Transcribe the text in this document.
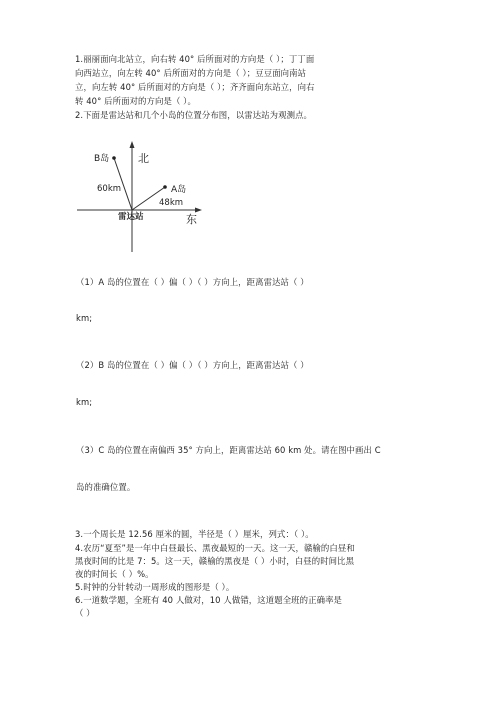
1.丽丽面向北站立，向右转 40° 后所面对的方向是（ ）；丁丁面
向西站立，向左转 40° 后所面对的方向是（ ）；豆豆面向南站
立，向左转 40° 后所面对的方向是（ ）；齐齐面向东站立，向右
转 40° 后所面对的方向是（ ）。
2.下面是雷达站和几个小岛的位置分布图，以雷达站为观测点。
北
东
雷达站
B岛
A岛
60km
48km
（1）A 岛的位置在（ ）偏（ ）（ ）方向上，距离雷达站（ ）
km;
（2）B 岛的位置在（ ）偏（ ）（ ）方向上，距离雷达站（ ）
km;
（3）C 岛的位置在南偏西 35° 方向上，距离雷达站 60 km 处。请在图中画出 C
岛的准确位置。
3.一个周长是 12.56 厘米的圆，半径是（ ）厘米，列式：（ ）。
4.农历“夏至”是一年中白昼最长、黑夜最短的一天。这一天，赣榆的白昼和
黑夜时间的比是 7：5。这一天，赣榆的黑夜是（ ）小时，白昼的时间比黑
夜的时间长（ ）%。
5.时钟的分针转动一周形成的图形是（ ）。
6.一道数学题，全班有 40 人做对，10 人做错，这道题全班的正确率是
（ ）
